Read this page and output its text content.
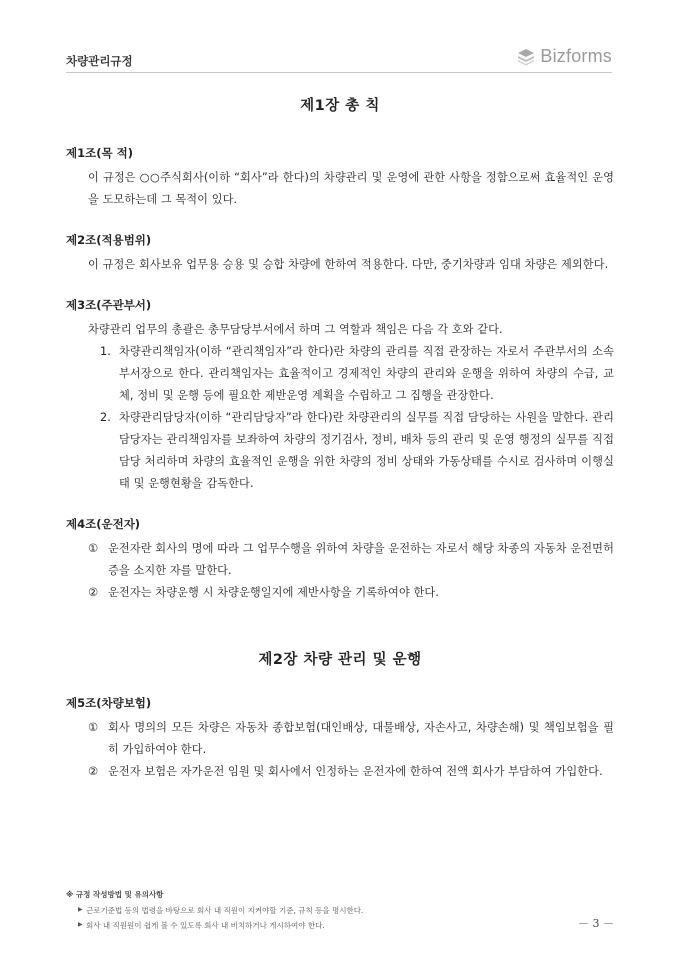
차량관리규정	Bizforms
제1장 총 칙
제1조(목 적)
이 규정은 ○○주식회사(이하 “회사”라 한다)의 차량관리 및 운영에 관한 사항을 정함으로써 효율적인 운영을 도모하는데 그 목적이 있다.
제2조(적용범위)
이 규정은 회사보유 업무용 승용 및 승합 차량에 한하여 적용한다. 다만, 중기차량과 임대 차량은 제외한다.
제3조(주관부서)
차량관리 업무의 총괄은 총무담당부서에서 하며 그 역할과 책임은 다음 각 호와 같다.
1. 차량관리책임자(이하 “관리책임자”라 한다)란 차량의 관리를 직접 관장하는 자로서 주관부서의 소속부서장으로 한다. 관리책임자는 효율적이고 경제적인 차량의 관리와 운행을 위하여 차량의 수급, 교체, 정비 및 운행 등에 필요한 제반운영 계획을 수립하고 그 집행을 관장한다.
2. 차량관리담당자(이하 “관리담당자”라 한다)란 차량관리의 실무를 직접 담당하는 사원을 말한다. 관리담당자는 관리책임자를 보좌하여 차량의 정기검사, 정비, 배차 등의 관리 및 운영 행정의 실무를 직접 담당 처리하며 차량의 효율적인 운행을 위한 차량의 정비 상태와 가동상태를 수시로 검사하며 이행실태 및 운행현황을 감독한다.
제4조(운전자)
① 운전자란 회사의 명에 따라 그 업무수행을 위하여 차량을 운전하는 자로서 해당 차종의 자동차 운전면허증을 소지한 자를 말한다.
② 운전자는 차량운행 시 차량운행일지에 제반사항을 기록하여야 한다.
제2장 차량 관리 및 운행
제5조(차량보험)
① 회사 명의의 모든 차량은 자동차 종합보험(대인배상, 대물배상, 자손사고, 차량손해) 및 책임보험을 필히 가입하여야 한다.
② 운전자 보험은 자가운전 임원 및 회사에서 인정하는 운전자에 한하여 전액 회사가 부담하여 가입한다.
※ 규정 작성방법 및 유의사항
▶ 근로기준법 등의 법령을 바탕으로 회사 내 직원이 지켜야할 기준, 규칙 등을 명시한다.
▶ 회사 내 직원원이 쉽게 볼 수 있도록 회사 내 비치하거나 게시하여야 한다.	－ 3 －
